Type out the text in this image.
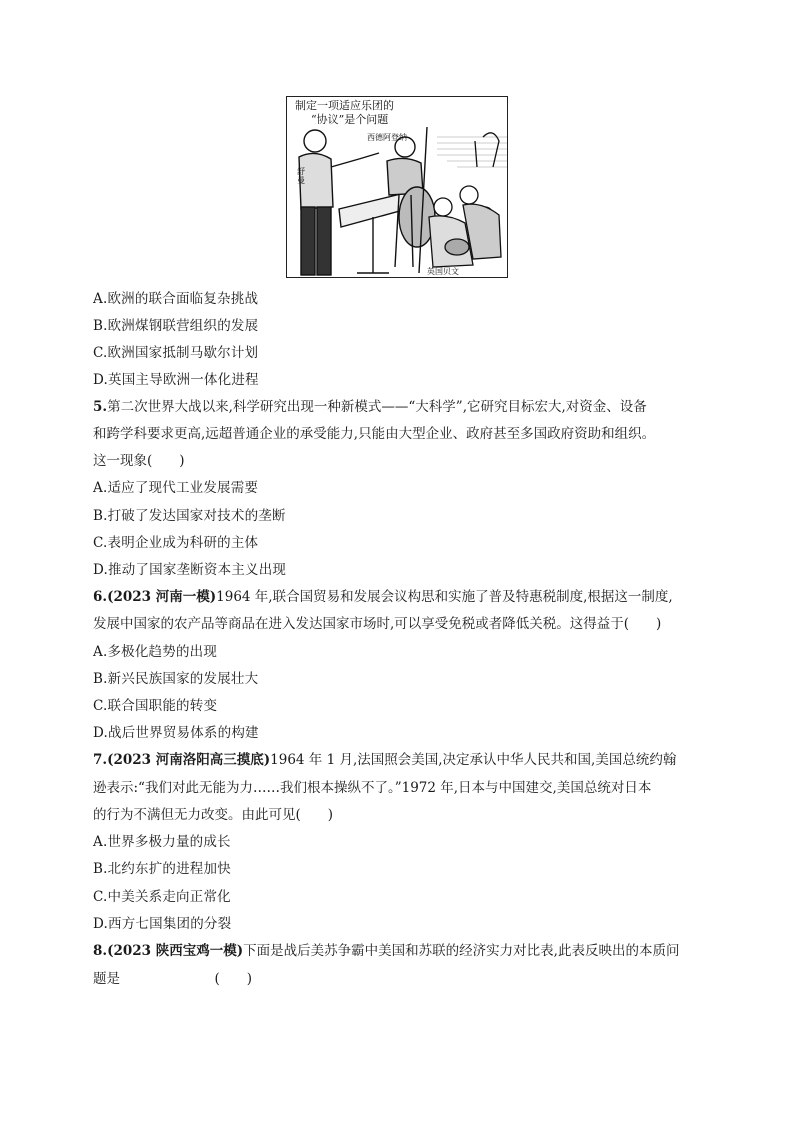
制定一项适应乐团的
“协议”是个问题
西德阿登纳
舒曼
英国贝文
A.欧洲的联合面临复杂挑战
B.欧洲煤钢联营组织的发展
C.欧洲国家抵制马歇尔计划
D.英国主导欧洲一体化进程
5.第二次世界大战以来,科学研究出现一种新模式——“大科学”,它研究目标宏大,对资金、设备
和跨学科要求更高,远超普通企业的承受能力,只能由大型企业、政府甚至多国政府资助和组织。
这一现象(　　)
A.适应了现代工业发展需要
B.打破了发达国家对技术的垄断
C.表明企业成为科研的主体
D.推动了国家垄断资本主义出现
6.(2023 河南一模)1964 年,联合国贸易和发展会议构思和实施了普及特惠税制度,根据这一制度,
发展中国家的农产品等商品在进入发达国家市场时,可以享受免税或者降低关税。这得益于(　　)
A.多极化趋势的出现
B.新兴民族国家的发展壮大
C.联合国职能的转变
D.战后世界贸易体系的构建
7.(2023 河南洛阳高三摸底)1964 年 1 月,法国照会美国,决定承认中华人民共和国,美国总统约翰
逊表示:“我们对此无能为力……我们根本操纵不了。”1972 年,日本与中国建交,美国总统对日本
的行为不满但无力改变。由此可见(　　)
A.世界多极力量的成长
B.北约东扩的进程加快
C.中美关系走向正常化
D.西方七国集团的分裂
8.(2023 陕西宝鸡一模)下面是战后美苏争霸中美国和苏联的经济实力对比表,此表反映出的本质问
题是　　　　　　　(　　)
